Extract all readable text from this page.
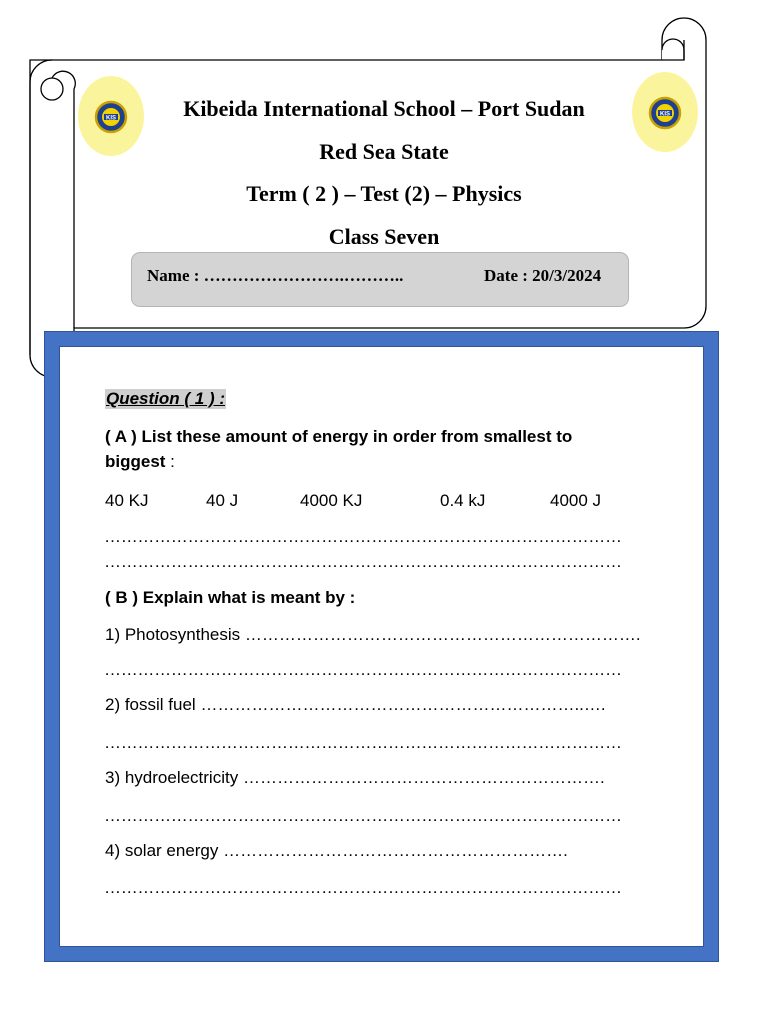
KIS
KIS
Kibeida International School – Port Sudan
Red Sea State
Term ( 2 ) – Test (2) – Physics
Class Seven
Name : …………………….………..	Date : 20/3/2024
Question ( 1 ) :
( A ) List these amount of energy in order from smallest to
biggest :
40 KJ	40 J	4000 KJ	0.4 kJ	4000 J
…………………………………………………………………………………
…………………………………………………………………………………
( B ) Explain what is meant by :
1) Photosynthesis …………………………………………………………….
…………………………………………………………………………………
2) fossil fuel …………………………………………………………..….
…………………………………………………………………………………
3) hydroelectricity ……………………………………………………….
…………………………………………………………………………………
4) solar energy …………………………………………………….
…………………………………………………………………………………
